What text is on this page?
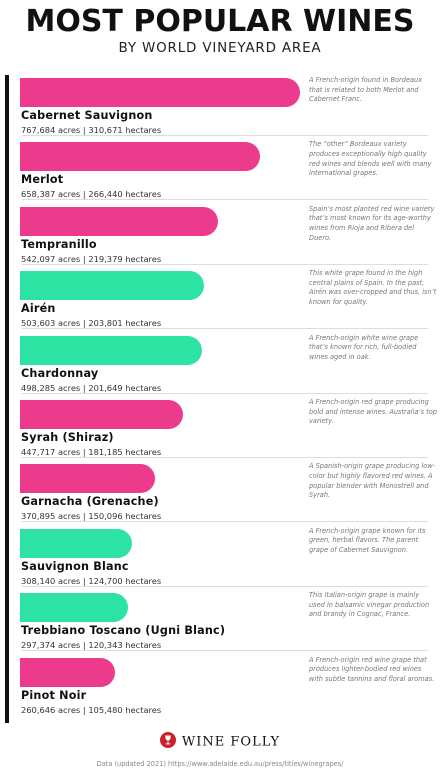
MOST POPULAR WINES
BY WORLD VINEYARD AREA
Cabernet Sauvignon
767,684 acres | 310,671 hectares
A French-origin found in Bordeaux that is related to both Merlot and Cabernet Franc.
Merlot
658,387 acres | 266,440 hectares
The “other” Bordeaux variety produces exceptionally high quality red wines and blends well with many international grapes.
Tempranillo
542,097 acres | 219,379 hectares
Spain’s most planted red wine variety that’s most known for its age-worthy wines from Rioja and Ribera del Duero.
Airén
503,603 acres | 203,801 hectares
This white grape found in the high central plains of Spain. In the past, Airén was over-cropped and thus, isn’t known for quality.
Chardonnay
498,285 acres | 201,649 hectares
A French-origin white wine grape that’s known for rich, full-bodied wines aged in oak.
Syrah (Shiraz)
447,717 acres | 181,185 hectares
A French-origin red grape producing bold and intense wines. Australia’s top variety.
Garnacha (Grenache)
370,895 acres | 150,096 hectares
A Spanish-origin grape producing low-color but highly flavored red wines. A popular blender with Monostrell and Syrah.
Sauvignon Blanc
308,140 acres | 124,700 hectares
A French-origin grape known for its green, herbal flavors. The parent grape of Cabernet Sauvignon.
Trebbiano Toscano (Ugni Blanc)
297,374 acres | 120,343 hectares
This Italian-origin grape is mainly used in balsamic vinegar production and brandy in Cognac, France.
Pinot Noir
260,646 acres | 105,480 hectares
A French-origin red wine grape that produces lighter-bodied red wines with subtle tannins and floral aromas.
WINE FOLLY
Data (updated 2021) https://www.adelaide.edu.au/press/titles/winegrapes/
